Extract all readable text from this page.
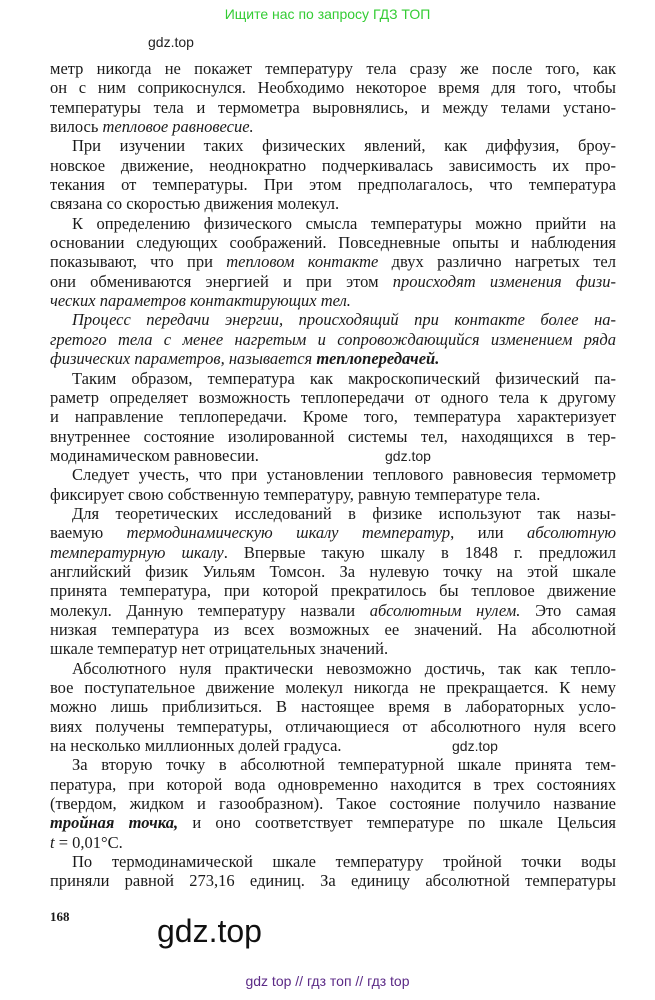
Ищите нас по запросу ГДЗ ТОП
gdz.top
gdz.top
gdz.top
метр никогда не покажет температуру тела сразу же после того, как
он с ним соприкоснулся. Необходимо некоторое время для того, чтобы
температуры тела и термометра выровнялись, и между телами устано-
вилось тепловое равновесие.
При изучении таких физических явлений, как диффузия, броу-
новское движение, неоднократно подчеркивалась зависимость их про-
текания от температуры. При этом предполагалось, что температура
связана со скоростью движения молекул.
К определению физического смысла температуры можно прийти на
основании следующих соображений. Повседневные опыты и наблюдения
показывают, что при тепловом контакте двух различно нагретых тел
они обмениваются энергией и при этом происходят изменения физи-
ческих параметров контактирующих тел.
Процесс передачи энергии, происходящий при контакте более на-
гретого тела с менее нагретым и сопровождающийся изменением ряда
физических параметров, называется теплопередачей.
Таким образом, температура как макроскопический физический па-
раметр определяет возможность теплопередачи от одного тела к другому
и направление теплопередачи. Кроме того, температура характеризует
внутреннее состояние изолированной системы тел, находящихся в тер-
модинамическом равновесии.
Следует учесть, что при установлении теплового равновесия термометр
фиксирует свою собственную температуру, равную температуре тела.
Для теоретических исследований в физике используют так назы-
ваемую термодинамическую шкалу температур, или абсолютную
температурную шкалу. Впервые такую шкалу в 1848 г. предложил
английский физик Уильям Томсон. За нулевую точку на этой шкале
принята температура, при которой прекратилось бы тепловое движение
молекул. Данную температуру назвали абсолютным нулем. Это самая
низкая температура из всех возможных ее значений. На абсолютной
шкале температур нет отрицательных значений.
Абсолютного нуля практически невозможно достичь, так как тепло-
вое поступательное движение молекул никогда не прекращается. К нему
можно лишь приблизиться. В настоящее время в лабораторных усло-
виях получены температуры, отличающиеся от абсолютного нуля всего
на несколько миллионных долей градуса.
За вторую точку в абсолютной температурной шкале принята тем-
пература, при которой вода одновременно находится в трех состояниях
(твердом, жидком и газообразном). Такое состояние получило название
тройная точка, и оно соответствует температуре по шкале Цельсия
t = 0,01°C.
По термодинамической шкале температуру тройной точки воды
приняли равной 273,16 единиц. За единицу абсолютной температуры
168	gdz.top
gdz top // гдз топ // гдз top
